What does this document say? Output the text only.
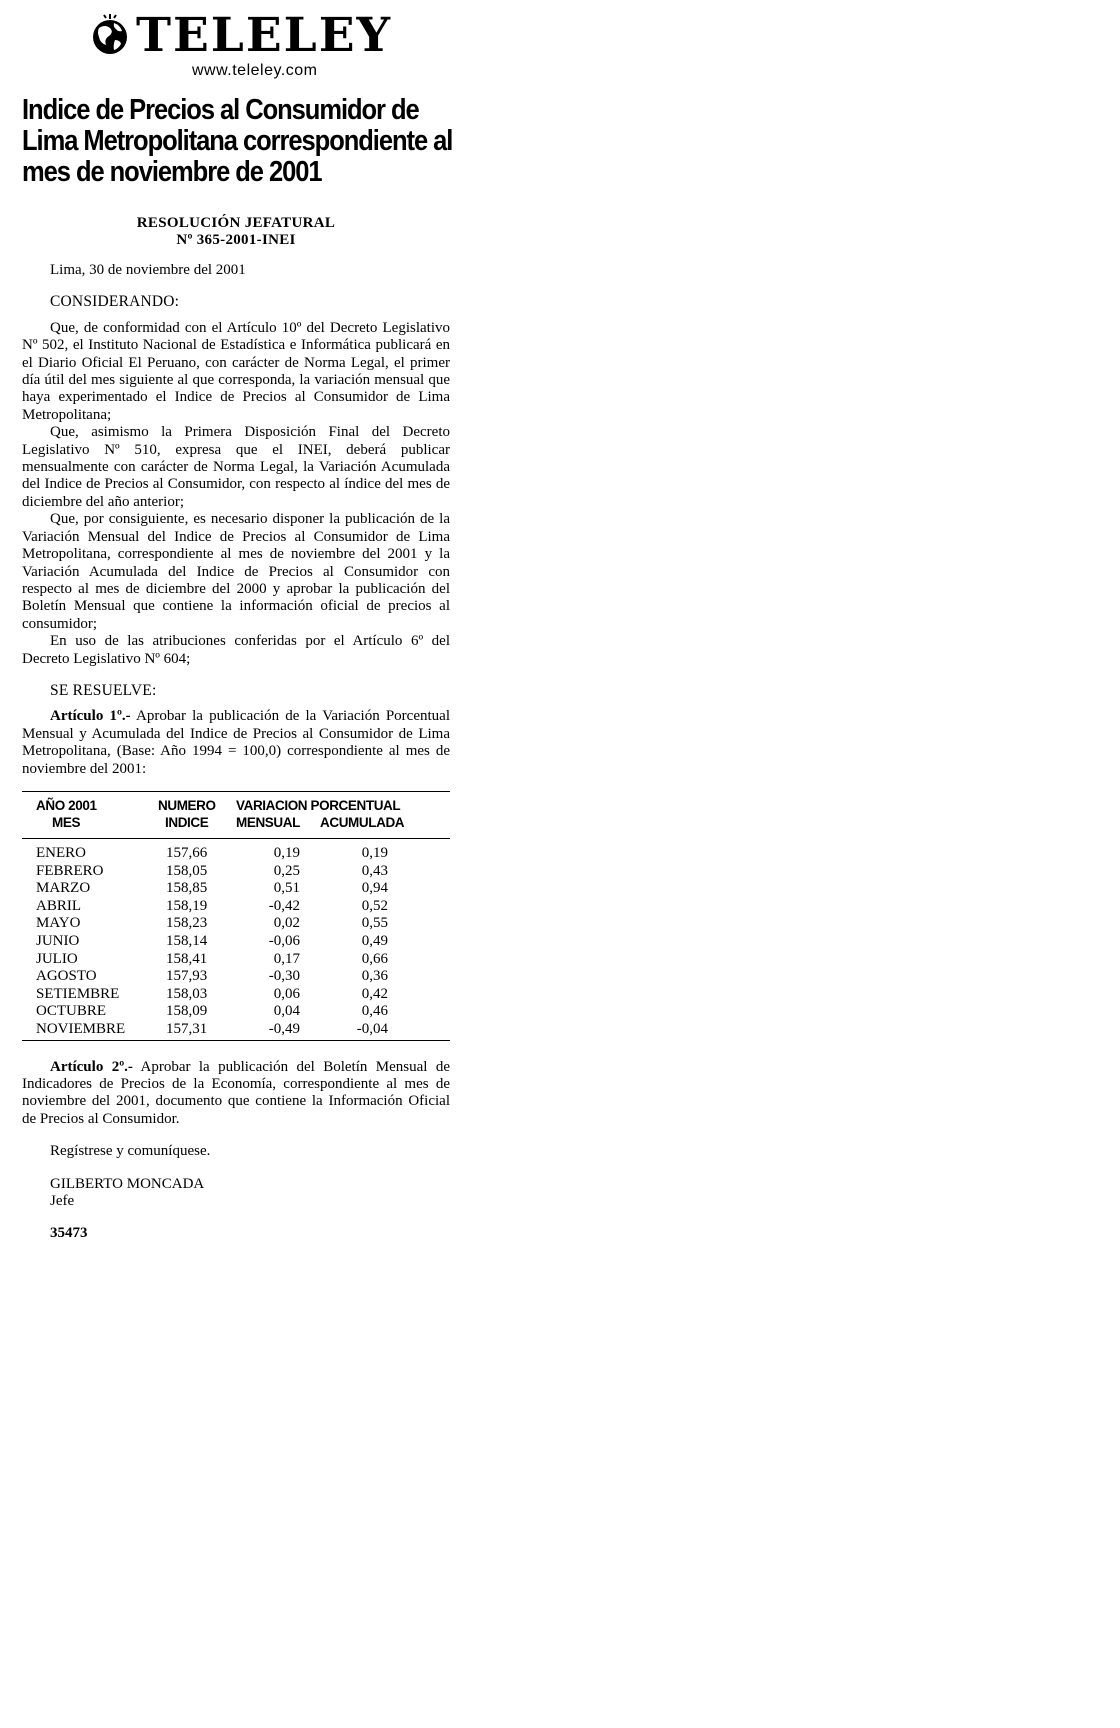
TELELEY
www.teleley.com
Indice de Precios al Consumidor de
Lima Metropolitana correspondiente al
mes de noviembre de 2001
RESOLUCIÓN JEFATURAL
Nº 365-2001-INEI

Lima, 30 de noviembre del 2001

CONSIDERANDO:

Que, de conformidad con el Artículo 10º del Decreto Legislativo Nº 502, el Instituto Nacional de Estadística e Informática publicará en el Diario Oficial El Peruano, con carácter de Norma Legal, el primer día útil del mes siguiente al que corresponda, la variación mensual que haya experimentado el Indice de Precios al Consumidor de Lima Metropolitana;

Que, asimismo la Primera Disposición Final del Decreto Legislativo Nº 510, expresa que el INEI, deberá publicar mensualmente con carácter de Norma Legal, la Variación Acumulada del Indice de Precios al Consumidor, con respecto al índice del mes de diciembre del año anterior;

Que, por consiguiente, es necesario disponer la publicación de la Variación Mensual del Indice de Precios al Consumidor de Lima Metropolitana, correspondiente al mes de noviembre del 2001 y la Variación Acumulada del Indice de Precios al Consumidor con respecto al mes de diciembre del 2000 y aprobar la publicación del Boletín Mensual que contiene la información oficial de precios al consumidor;

En uso de las atribuciones conferidas por el Artículo 6º del Decreto Legislativo Nº 604;

SE RESUELVE:

Artículo 1º.- Aprobar la publicación de la Variación Porcentual Mensual y Acumulada del Indice de Precios al Consumidor de Lima Metropolitana, (Base: Año 1994 = 100,0) correspondiente al mes de noviembre del 2001:

AÑO 2001
MES
NUMERO
INDICE
VARIACION PORCENTUAL
MENSUAL ACUMULADA
ENERO	157,66	0,19	0,19
FEBRERO	158,05	0,25	0,43
MARZO	158,85	0,51	0,94
ABRIL	158,19	-0,42	0,52
MAYO	158,23	0,02	0,55
JUNIO	158,14	-0,06	0,49
JULIO	158,41	0,17	0,66
AGOSTO	157,93	-0,30	0,36
SETIEMBRE	158,03	0,06	0,42
OCTUBRE	158,09	0,04	0,46
NOVIEMBRE	157,31	-0,49	-0,04

Artículo 2º.- Aprobar la publicación del Boletín Mensual de Indicadores de Precios de la Economía, correspondiente al mes de noviembre del 2001, documento que contiene la Información Oficial de Precios al Consumidor.

Regístrese y comuníquese.

GILBERTO MONCADA

Jefe

35473
